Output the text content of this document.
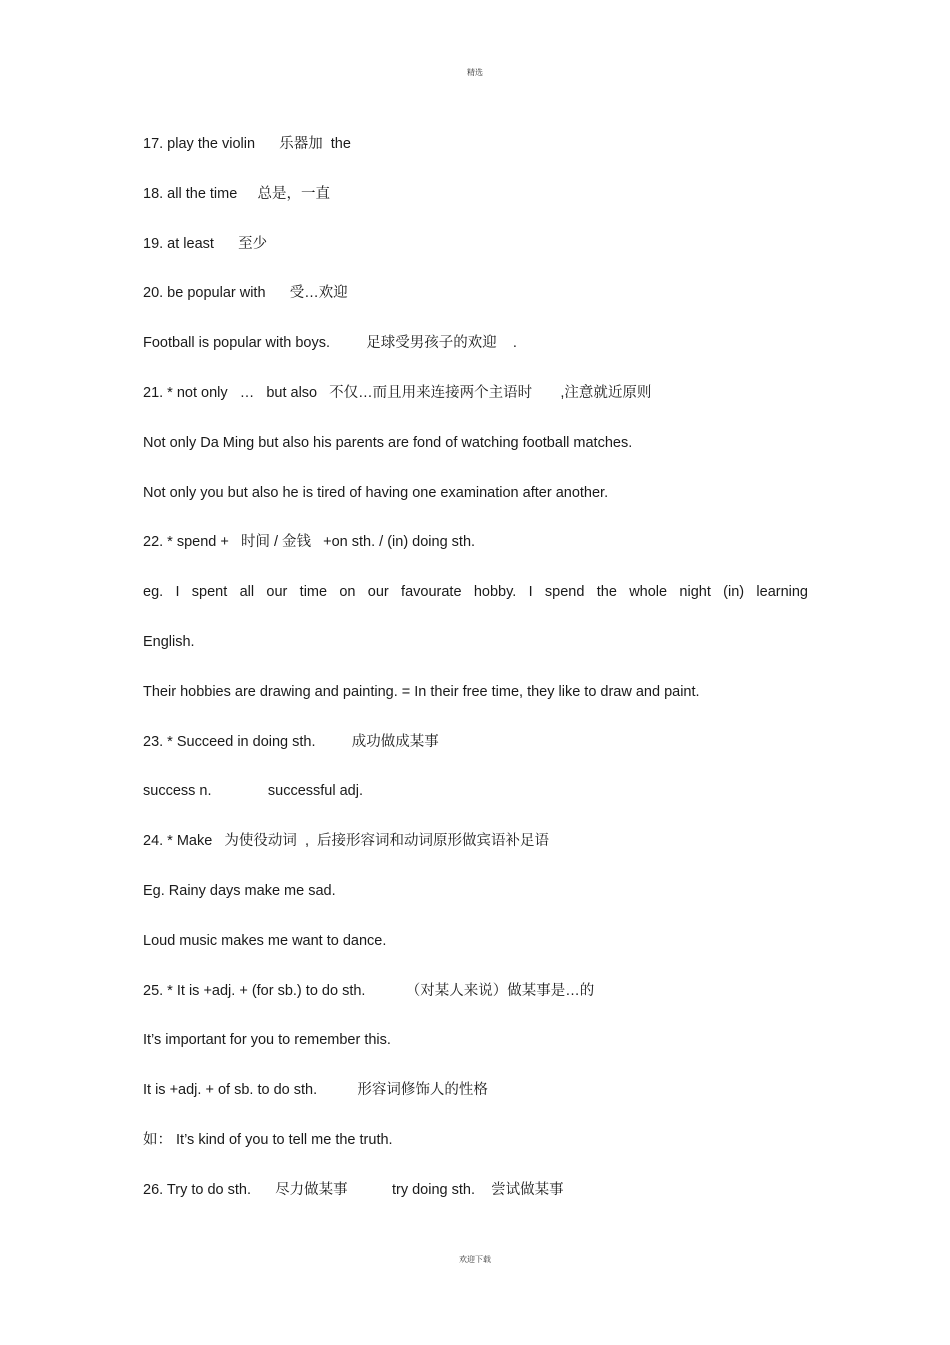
精选
17. play the violin      乐器加  the
18. all the time     总是，一直
19. at least      至少
20. be popular with      受…欢迎
Football is popular with boys.         足球受男孩子的欢迎    .
21. * not only   …   but also   不仅…而且用来连接两个主语时       ,注意就近原则
Not only Da Ming but also his parents are fond of watching football matches.
Not only you but also he is tired of having one examination after another.
22. * spend +   时间 / 金钱   +on sth. / (in) doing sth.
eg. I spent all our time on our favourate hobby. I spend the whole night (in) learning
English.
Their hobbies are drawing and painting. = In their free time, they like to draw and paint.
23. * Succeed in doing sth.         成功做成某事
success n.              successful adj.
24. * Make   为使役动词  ,  后接形容词和动词原形做宾语补足语
Eg. Rainy days make me sad.
Loud music makes me want to dance.
25. * It is +adj. + (for sb.) to do sth.          （对某人来说）做某事是…的
It’s important for you to remember this.
It is +adj. + of sb. to do sth.          形容词修饰人的性格
如： It’s kind of you to tell me the truth.
26. Try to do sth.      尽力做某事           try doing sth.    尝试做某事
欢迎下载
